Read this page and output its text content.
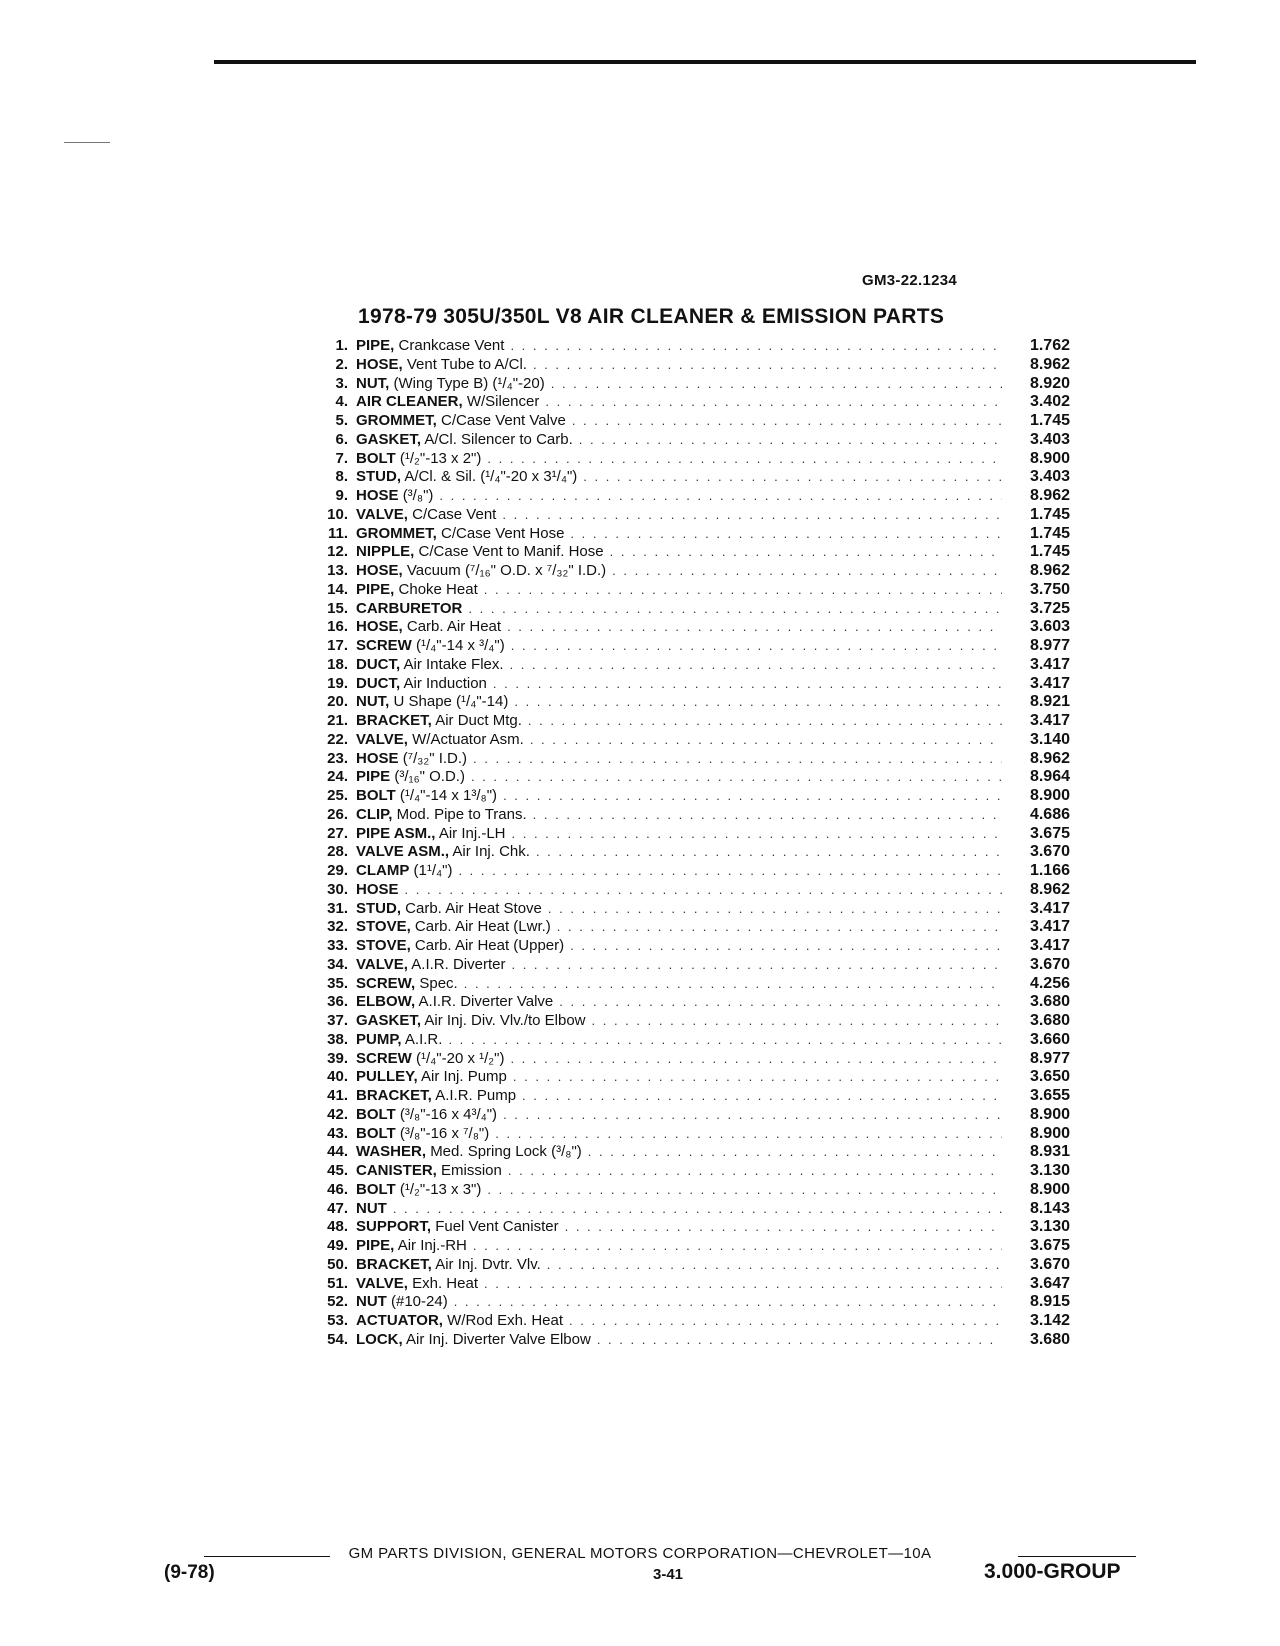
GM3-22.1234
1978-79 305U/350L V8 AIR CLEANER & EMISSION PARTS
1. PIPE, Crankcase Vent . . .	1.762
2. HOSE, Vent Tube to A/Cl. . . .	8.962
3. NUT, (Wing Type B) (¹/₄"-20) . . .	8.920
4. AIR CLEANER, W/Silencer . . .	3.402
5. GROMMET, C/Case Vent Valve . . .	1.745
6. GASKET, A/Cl. Silencer to Carb. . . .	3.403
7. BOLT (¹/₂"-13 x 2") . . .	8.900
8. STUD, A/Cl. & Sil. (¹/₄"-20 x 3¹/₄") . . .	3.403
9. HOSE (³/₈") . . .	8.962
10. VALVE, C/Case Vent . . .	1.745
11. GROMMET, C/Case Vent Hose . . .	1.745
12. NIPPLE, C/Case Vent to Manif. Hose . . .	1.745
13. HOSE, Vacuum (⁷/₁₆" O.D. x ⁷/₃₂" I.D.) . . .	8.962
14. PIPE, Choke Heat . . .	3.750
15. CARBURETOR . . .	3.725
16. HOSE, Carb. Air Heat . . .	3.603
17. SCREW (¹/₄"-14 x ³/₄") . . .	8.977
18. DUCT, Air Intake Flex. . . .	3.417
19. DUCT, Air Induction . . .	3.417
20. NUT, U Shape (¹/₄"-14) . . .	8.921
21. BRACKET, Air Duct Mtg. . . .	3.417
22. VALVE, W/Actuator Asm. . . .	3.140
23. HOSE (⁷/₃₂" I.D.) . . .	8.962
24. PIPE (³/₁₆" O.D.) . . .	8.964
25. BOLT (¹/₄"-14 x 1³/₈") . . .	8.900
26. CLIP, Mod. Pipe to Trans. . . .	4.686
27. PIPE ASM., Air Inj.-LH . . .	3.675
28. VALVE ASM., Air Inj. Chk. . . .	3.670
29. CLAMP (1¹/₄") . . .	1.166
30. HOSE . . .	8.962
31. STUD, Carb. Air Heat Stove . . .	3.417
32. STOVE, Carb. Air Heat (Lwr.) . . .	3.417
33. STOVE, Carb. Air Heat (Upper) . . .	3.417
34. VALVE, A.I.R. Diverter . . .	3.670
35. SCREW, Spec. . . .	4.256
36. ELBOW, A.I.R. Diverter Valve . . .	3.680
37. GASKET, Air Inj. Div. Vlv./to Elbow . . .	3.680
38. PUMP, A.I.R. . . .	3.660
39. SCREW (¹/₄"-20 x ¹/₂") . . .	8.977
40. PULLEY, Air Inj. Pump . . .	3.650
41. BRACKET, A.I.R. Pump . . .	3.655
42. BOLT (³/₈"-16 x 4³/₄") . . .	8.900
43. BOLT (³/₈"-16 x ⁷/₈") . . .	8.900
44. WASHER, Med. Spring Lock (³/₈") . . .	8.931
45. CANISTER, Emission . . .	3.130
46. BOLT (¹/₂"-13 x 3") . . .	8.900
47. NUT . . .	8.143
48. SUPPORT, Fuel Vent Canister . . .	3.130
49. PIPE, Air Inj.-RH . . .	3.675
50. BRACKET, Air Inj. Dvtr. Vlv. . . .	3.670
51. VALVE, Exh. Heat . . .	3.647
52. NUT (#10-24) . . .	8.915
53. ACTUATOR, W/Rod Exh. Heat . . .	3.142
54. LOCK, Air Inj. Diverter Valve Elbow . . .	3.680
GM PARTS DIVISION, GENERAL MOTORS CORPORATION—CHEVROLET—10A
(9-78)	3-41	3.000-GROUP
